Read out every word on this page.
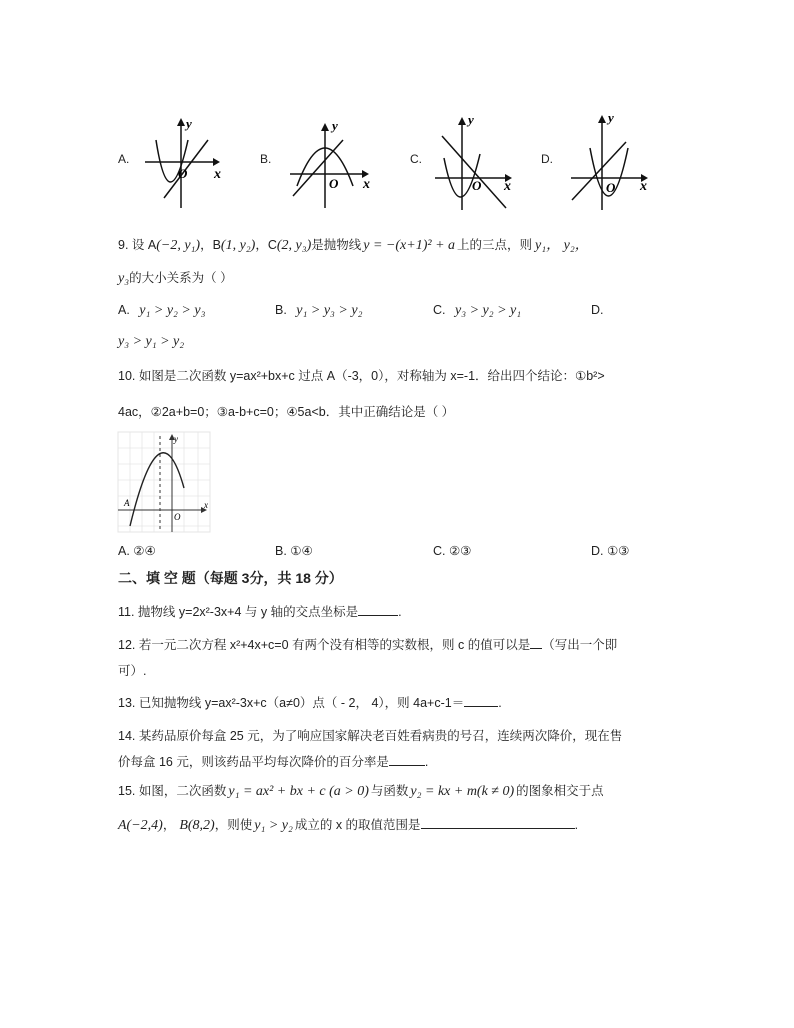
A.	B.	C.	D.
y
x
O
y
x
O
y
x
O
y
x
O
9. 设 A(−2, y₁)，B(1, y₂)，C(2, y₃)是抛物线 y = −(x+1)² + a 上的三点，则 y₁， y₂，
y₃的大小关系为（ ）
A. y₁ > y₂ > y₃	B. y₁ > y₃ > y₂	C. y₃ > y₂ > y₁	D.
y₃ > y₁ > y₂
10. 如图是二次函数 y=ax²+bx+c 过点 A（-3，0），对称轴为 x=-1．给出四个结论：①b²>
4ac，②2a+b=0；③a-b+c=0；④5a<b．其中正确结论是（ ）
y
x
O
A
A. ②④	B. ①④	C. ②③	D. ①③
二、填 空 题（每题 3分，共 18 分）
11. 抛物线 y=2x²-3x+4 与 y 轴的交点坐标是	.
12. 若一元二次方程 x²+4x+c=0 有两个没有相等的实数根，则 c 的值可以是 （写出一个即
可）.
13. 已知抛物线 y=ax²-3x+c（a≠0）点（ - 2， 4），则 4a+c-1＝	.
14. 某药品原价每盒 25 元，为了响应国家解决老百姓看病贵的号召，连续两次降价，现在售
价每盒 16 元，则该药品平均每次降价的百分率是	.
15. 如图，二次函数 y₁ = ax² + bx + c (a > 0) 与函数 y₂ = kx + m(k ≠ 0) 的图象相交于点
A(−2,4)， B(8,2)，则使 y₁ > y₂ 成立的 x 的取值范围是	.
